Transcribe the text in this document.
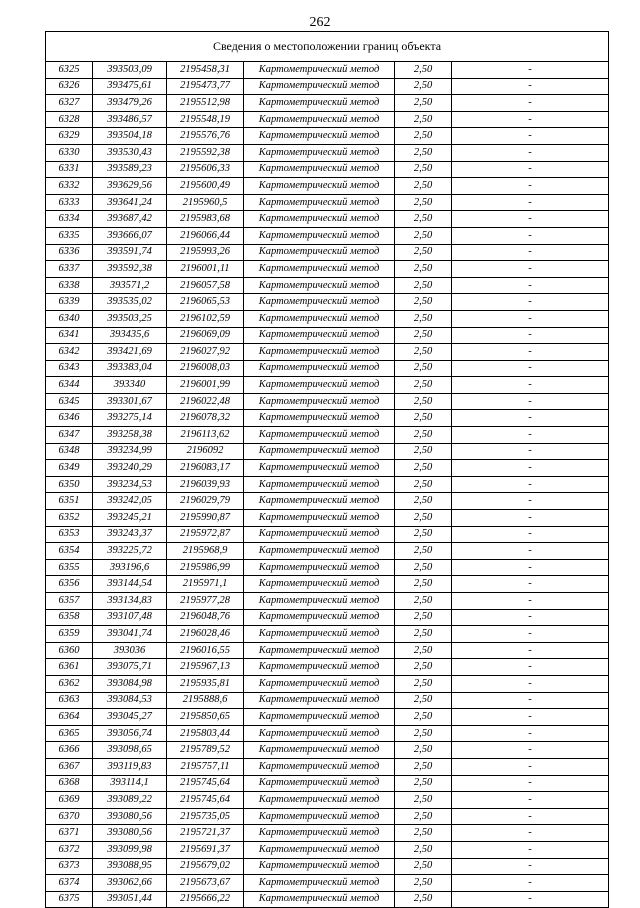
262
Сведения о местоположении границ объекта					
6325	393503,09	2195458,31	Картометрический метод	2,50	-
6326	393475,61	2195473,77	Картометрический метод	2,50	-
6327	393479,26	2195512,98	Картометрический метод	2,50	-
6328	393486,57	2195548,19	Картометрический метод	2,50	-
6329	393504,18	2195576,76	Картометрический метод	2,50	-
6330	393530,43	2195592,38	Картометрический метод	2,50	-
6331	393589,23	2195606,33	Картометрический метод	2,50	-
6332	393629,56	2195600,49	Картометрический метод	2,50	-
6333	393641,24	2195960,5	Картометрический метод	2,50	-
6334	393687,42	2195983,68	Картометрический метод	2,50	-
6335	393666,07	2196066,44	Картометрический метод	2,50	-
6336	393591,74	2195993,26	Картометрический метод	2,50	-
6337	393592,38	2196001,11	Картометрический метод	2,50	-
6338	393571,2	2196057,58	Картометрический метод	2,50	-
6339	393535,02	2196065,53	Картометрический метод	2,50	-
6340	393503,25	2196102,59	Картометрический метод	2,50	-
6341	393435,6	2196069,09	Картометрический метод	2,50	-
6342	393421,69	2196027,92	Картометрический метод	2,50	-
6343	393383,04	2196008,03	Картометрический метод	2,50	-
6344	393340	2196001,99	Картометрический метод	2,50	-
6345	393301,67	2196022,48	Картометрический метод	2,50	-
6346	393275,14	2196078,32	Картометрический метод	2,50	-
6347	393258,38	2196113,62	Картометрический метод	2,50	-
6348	393234,99	2196092	Картометрический метод	2,50	-
6349	393240,29	2196083,17	Картометрический метод	2,50	-
6350	393234,53	2196039,93	Картометрический метод	2,50	-
6351	393242,05	2196029,79	Картометрический метод	2,50	-
6352	393245,21	2195990,87	Картометрический метод	2,50	-
6353	393243,37	2195972,87	Картометрический метод	2,50	-
6354	393225,72	2195968,9	Картометрический метод	2,50	-
6355	393196,6	2195986,99	Картометрический метод	2,50	-
6356	393144,54	2195971,1	Картометрический метод	2,50	-
6357	393134,83	2195977,28	Картометрический метод	2,50	-
6358	393107,48	2196048,76	Картометрический метод	2,50	-
6359	393041,74	2196028,46	Картометрический метод	2,50	-
6360	393036	2196016,55	Картометрический метод	2,50	-
6361	393075,71	2195967,13	Картометрический метод	2,50	-
6362	393084,98	2195935,81	Картометрический метод	2,50	-
6363	393084,53	2195888,6	Картометрический метод	2,50	-
6364	393045,27	2195850,65	Картометрический метод	2,50	-
6365	393056,74	2195803,44	Картометрический метод	2,50	-
6366	393098,65	2195789,52	Картометрический метод	2,50	-
6367	393119,83	2195757,11	Картометрический метод	2,50	-
6368	393114,1	2195745,64	Картометрический метод	2,50	-
6369	393089,22	2195745,64	Картометрический метод	2,50	-
6370	393080,56	2195735,05	Картометрический метод	2,50	-
6371	393080,56	2195721,37	Картометрический метод	2,50	-
6372	393099,98	2195691,37	Картометрический метод	2,50	-
6373	393088,95	2195679,02	Картометрический метод	2,50	-
6374	393062,66	2195673,67	Картометрический метод	2,50	-
6375	393051,44	2195666,22	Картометрический метод	2,50	-
